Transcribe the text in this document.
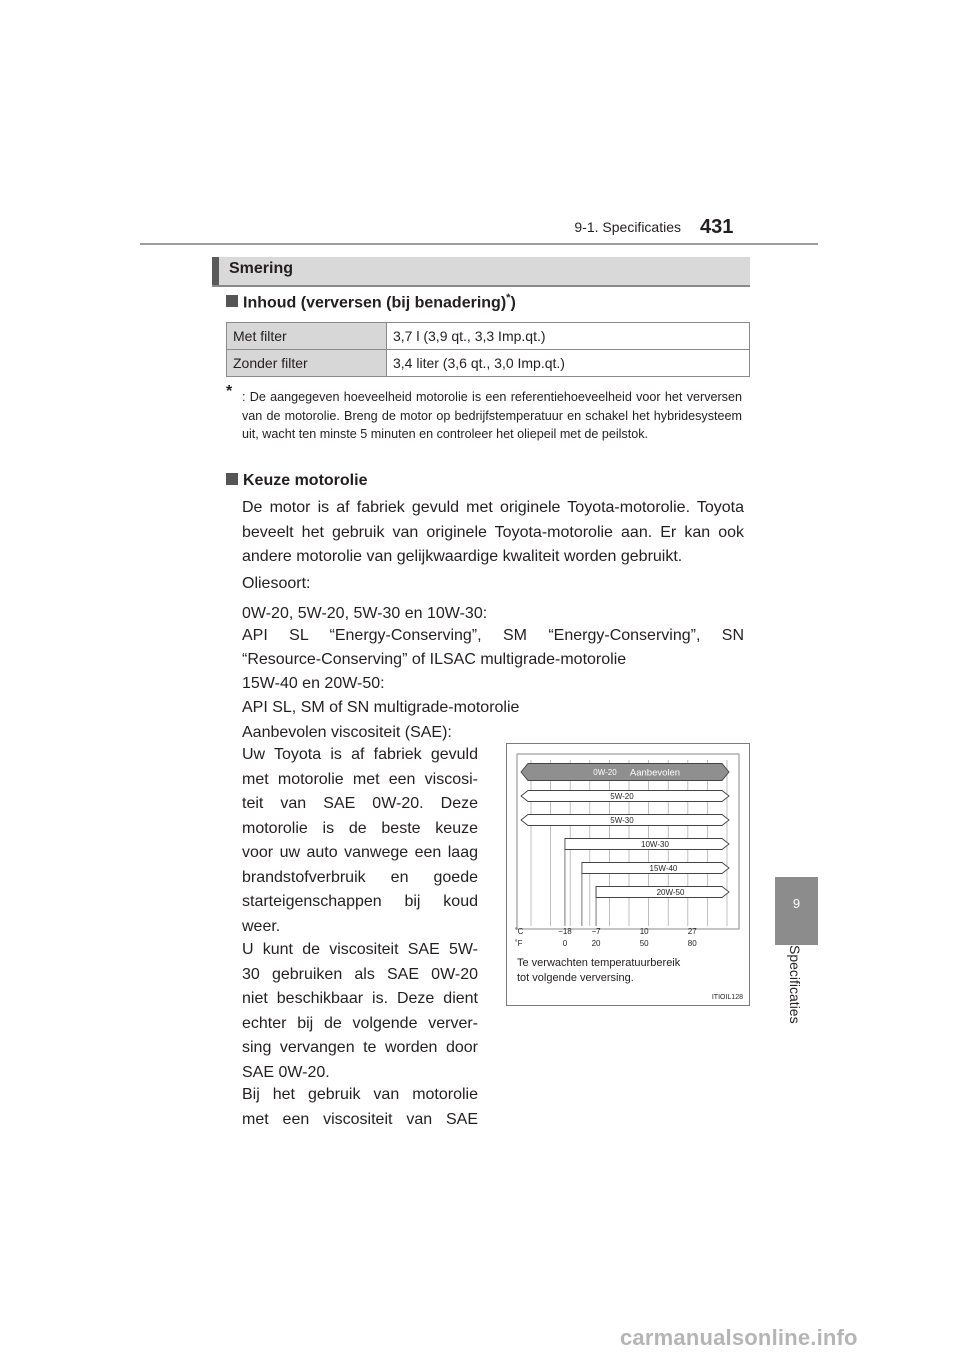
9-1. Specificaties 431
Smering
Inhoud (verversen (bij benadering)*)
Met filter	3,7 l (3,9 qt., 3,3 Imp.qt.)
Zonder filter	3,4 liter (3,6 qt., 3,0 Imp.qt.)
* : De aangegeven hoeveelheid motorolie is een referentiehoeveelheid voor het verversen van de motorolie. Breng de motor op bedrijfstemperatuur en schakel het hybridesysteem uit, wacht ten minste 5 minuten en controleer het oliepeil met de peilstok.
Keuze motorolie
De motor is af fabriek gevuld met originele Toyota-motorolie. Toyota
beveelt het gebruik van originele Toyota-motorolie aan. Er kan ook
andere motorolie van gelijkwaardige kwaliteit worden gebruikt.
Oliesoort:
0W-20, 5W-20, 5W-30 en 10W-30:
API SL “Energy-Conserving”, SM “Energy-Conserving”, SN
“Resource-Conserving” of ILSAC multigrade-motorolie
15W-40 en 20W-50:
API SL, SM of SN multigrade-motorolie
Aanbevolen viscositeit (SAE):
Uw Toyota is af fabriek gevuld
met motorolie met een viscosi-
teit van SAE 0W-20. Deze
motorolie is de beste keuze
voor uw auto vanwege een laag
brandstofverbruik en goede
starteigenschappen bij koud
weer.
U kunt de viscositeit SAE 5W-
30 gebruiken als SAE 0W-20
niet beschikbaar is. Deze dient
echter bij de volgende verver-
sing vervangen te worden door
SAE 0W-20.
Bij het gebruik van motorolie
met een viscositeit van SAE
0W-20 Aanbevolen
5W-20
5W-30
10W-30
15W-40
20W-50
˚C
˚F
−18
0
−7
20
10
50
27
80
Te verwachten temperatuurbereik tot volgende verversing.
ITIOIL128
9
Specificaties
carmanualsonline.info
